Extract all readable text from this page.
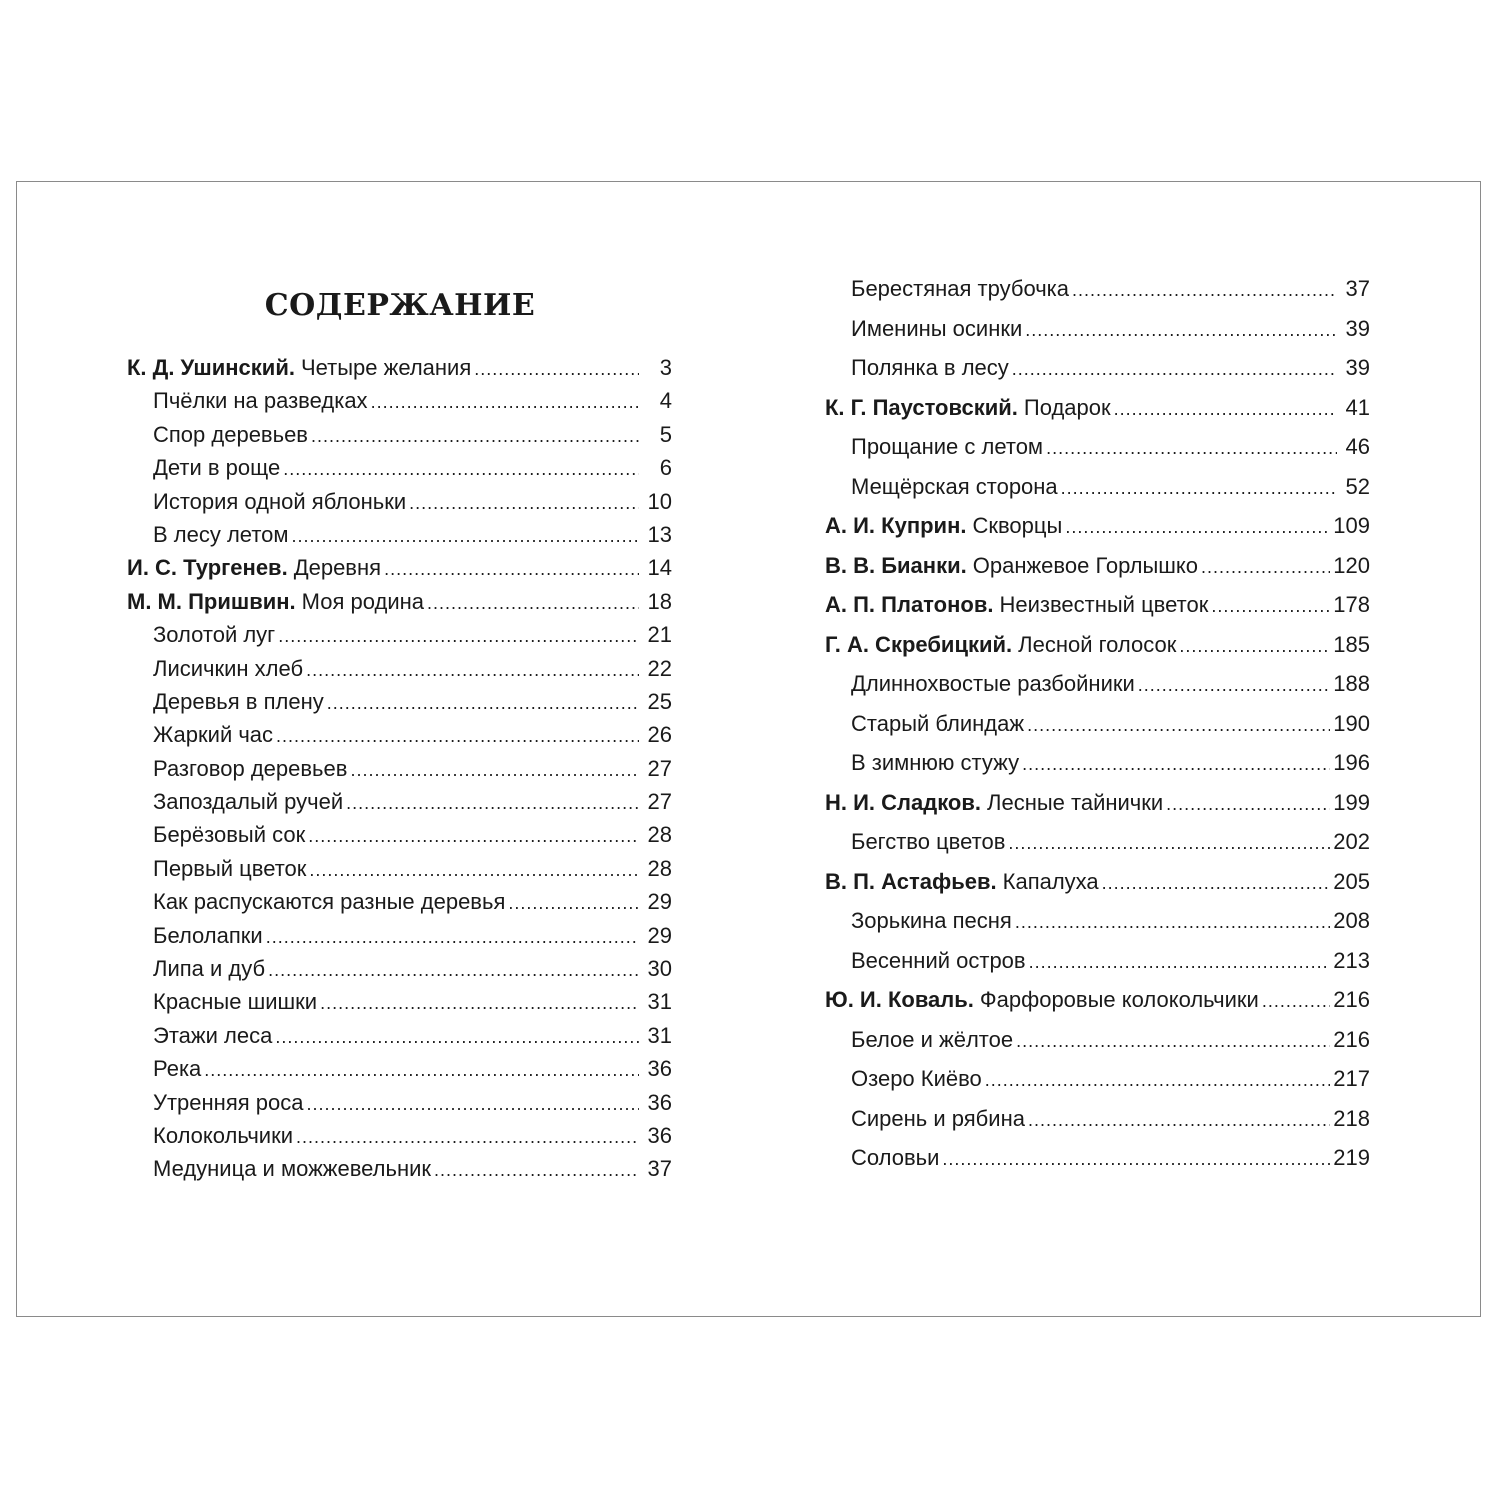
СОДЕРЖАНИЕ
К. Д. Ушинский. Четыре желания .....	3
Пчёлки на разведках .....	4
Спор деревьев .....	5
Дети в роще .....	6
История одной яблоньки .....	10
В лесу летом .....	13
И. С. Тургенев. Деревня .....	14
М. М. Пришвин. Моя родина .....	18
Золотой луг .....	21
Лисичкин хлеб .....	22
Деревья в плену .....	25
Жаркий час .....	26
Разговор деревьев .....	27
Запоздалый ручей .....	27
Берёзовый сок .....	28
Первый цветок .....	28
Как распускаются разные деревья .....	29
Белолапки .....	29
Липа и дуб .....	30
Красные шишки .....	31
Этажи леса .....	31
Река .....	36
Утренняя роса .....	36
Колокольчики .....	36
Медуница и можжевельник .....	37
Берестяная трубочка .....	37
Именины осинки .....	39
Полянка в лесу .....	39
К. Г. Паустовский. Подарок .....	41
Прощание с летом .....	46
Мещёрская сторона .....	52
А. И. Куприн. Скворцы .....	109
В. В. Бианки. Оранжевое Горлышко .....	120
А. П. Платонов. Неизвестный цветок .....	178
Г. А. Скребицкий. Лесной голосок .....	185
Длиннохвостые разбойники .....	188
Старый блиндаж .....	190
В зимнюю стужу .....	196
Н. И. Сладков. Лесные тайнички .....	199
Бегство цветов .....	202
В. П. Астафьев. Капалуха .....	205
Зорькина песня .....	208
Весенний остров .....	213
Ю. И. Коваль. Фарфоровые колокольчики .....	216
Белое и жёлтое .....	216
Озеро Киёво .....	217
Сирень и рябина .....	218
Соловьи .....	219
